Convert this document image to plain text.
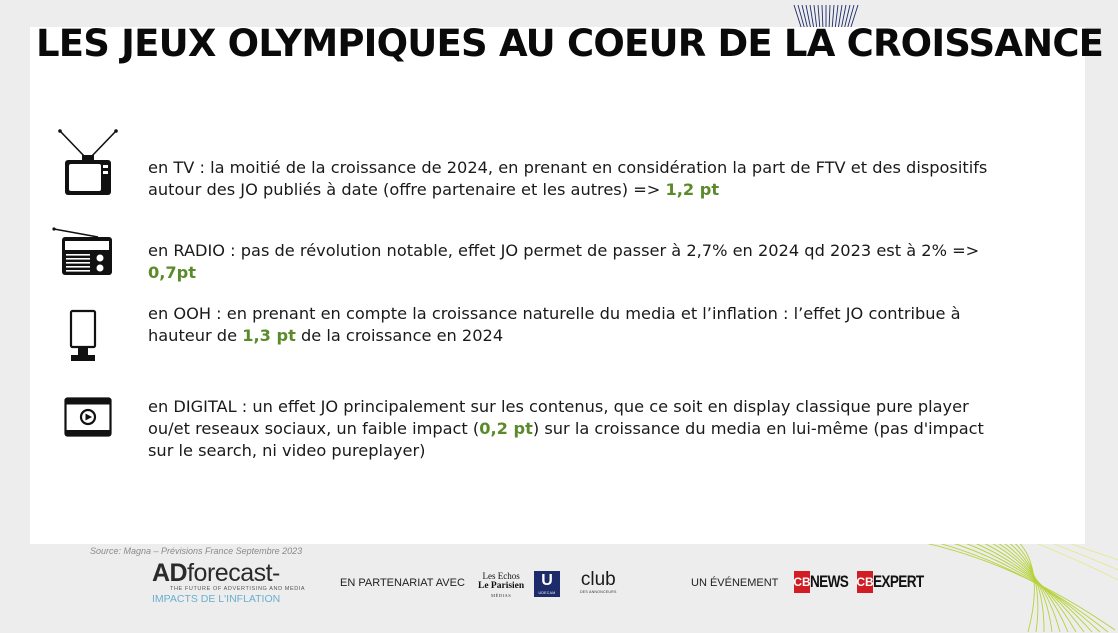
en TV : la moitié de la croissance de 2024, en prenant en considération la part de FTV et des dispositifs autour des JO publiés à date (offre partenaire et les autres) => 1,2 pt

en RADIO : pas de révolution notable, effet JO permet de passer à 2,7% en 2024 qd 2023 est à 2% => 0,7pt

en OOH : en prenant en compte la croissance naturelle du media et l’inflation : l’effet JO contribue à hauteur de 1,3 pt de la croissance en 2024

en DIGITAL : un effet JO principalement sur les contenus, que ce soit en display classique pure player ou/et reseaux sociaux, un faible impact (0,2 pt) sur la croissance du media en lui-même (pas d'impact sur le search, ni video pureplayer)

LES JEUX OLYMPIQUES AU COEUR DE LA CROISSANCE
Source: Magna – Prévisions France Septembre 2023
ADforecast-
THE FUTURE OF ADVERTISING AND MEDIA
IMPACTS DE L'INFLATION
EN PARTENARIAT AVEC
Les Echos
Le Parisien
MÉDIAS
U
UDECAM
club
DES ANNONCEURS
UN ÉVÉNEMENT CB NEWS CB EXPERT
